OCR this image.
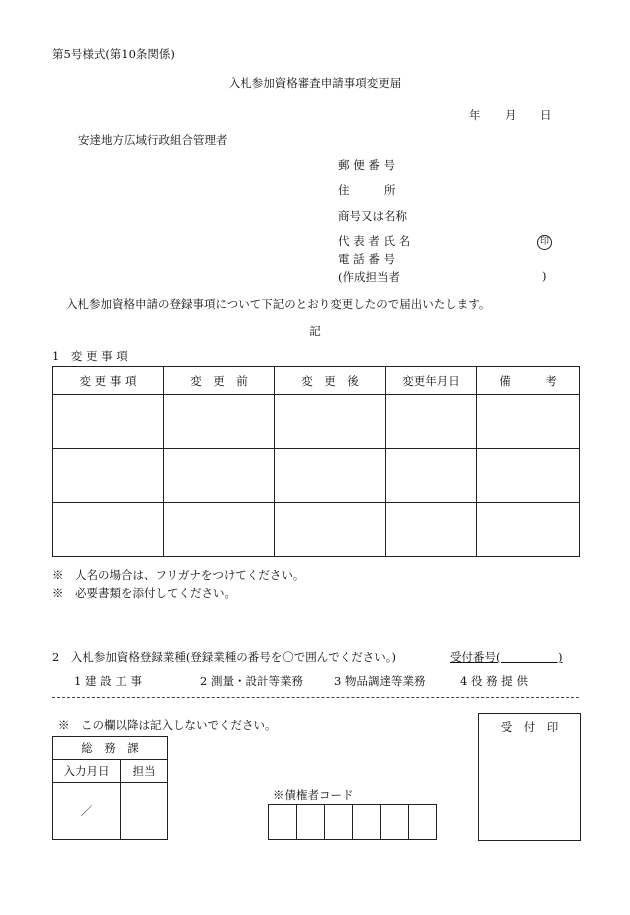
第5号様式(第10条関係)
入札参加資格審査申請事項変更届
年 月 日
安達地方広域行政組合管理者
郵 便 番 号
住　　　所
商号又は名称
代 表 者 氏 名	印
電 話 番 号
(作成担当者	)
入札参加資格申請の登録事項について下記のとおり変更したので届出いたします。
記
1　変 更 事 項
変 更 事 項	変　更　前	変　更　後	変更年月日	備　　　考

※　人名の場合は、フリガナをつけてください。
※　必要書類を添付してください。
2　入札参加資格登録業種(登録業種の番号を〇で囲んでください。)	受付番号(　　　　　)
1 建 設 工 事	2 測量・設計等業務	3 物品調達等業務	4 役 務 提 供
※　この欄以降は記入しないでください。
総　務　課	
入力月日	担当
／	
※債権者コード

受　付　印
